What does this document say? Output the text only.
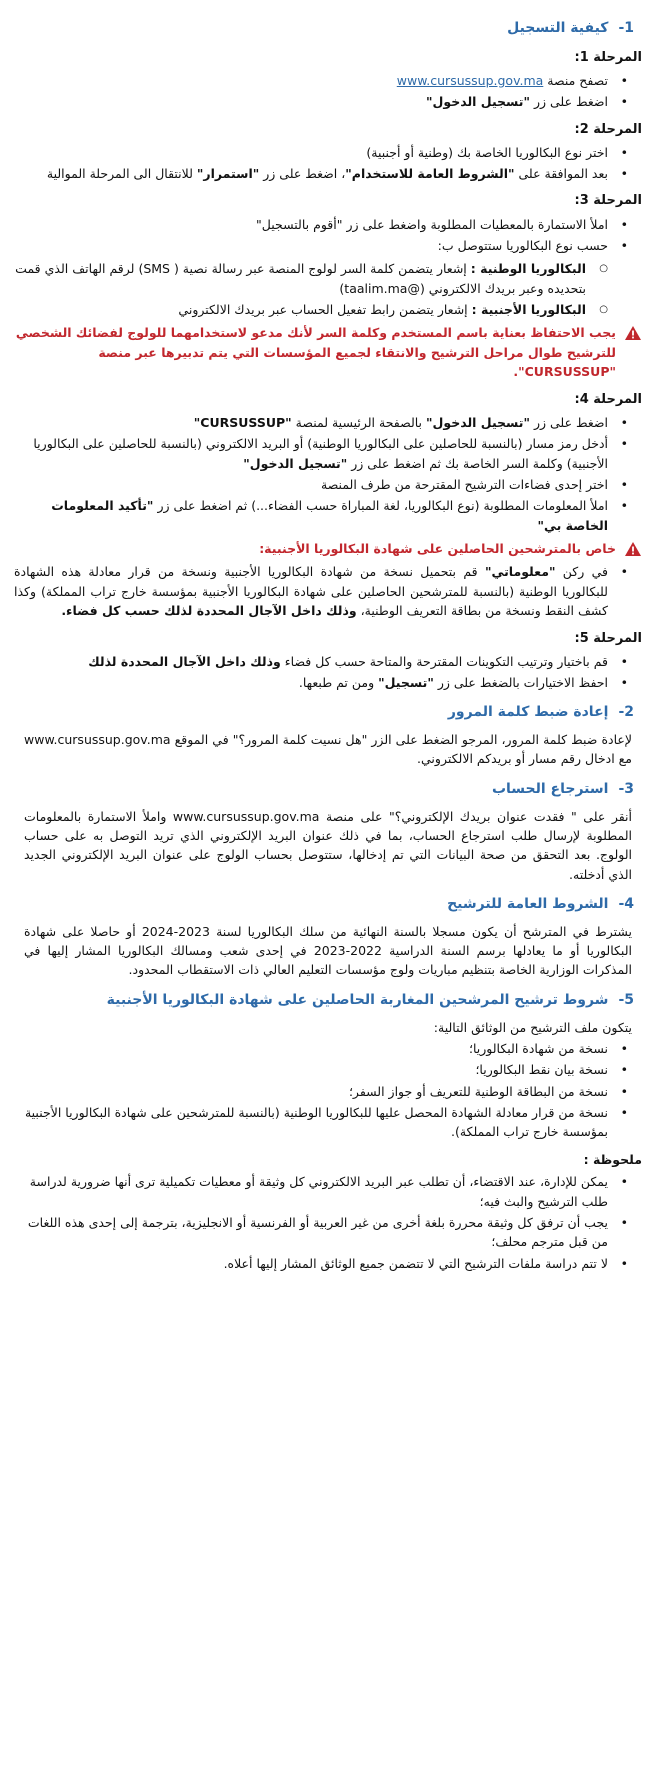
1-كيفية التسجيل
المرحلة 1:
• تصفح منصة www.cursussup.gov.ma
• اضغط على زر "تسجيل الدخول"
المرحلة 2:
• اختر نوع البكالوريا الخاصة بك (وطنية أو أجنبية)
• بعد الموافقة على "الشروط العامة للاستخدام"، اضغط على زر "استمرار" للانتقال الى المرحلة الموالية
المرحلة 3:
• املأ الاستمارة بالمعطيات المطلوبة واضغط على زر "أقوم بالتسجيل"
• حسب نوع البكالوريا ستتوصل ب:
○ البكالوريا الوطنية : إشعار يتضمن كلمة السر لولوج المنصة عبر رسالة نصية ( SMS) لرقم الهاتف الذي قمت بتحديده وعبر بريدك الالكتروني (@taalim.ma)
○ البكالوريا الأجنبية : إشعار يتضمن رابط تفعيل الحساب عبر بريدك الالكتروني
يجب الاحتفاظ بعناية باسم المستخدم وكلمة السر لأنك مدعو لاستخدامهما للولوج لفضائك الشخصي للترشيح طوال مراحل الترشيح والانتقاء لجميع المؤسسات التي يتم تدبيرها عبر منصة "CURSUSSUP".
المرحلة 4:
• اضغط على زر "تسجيل الدخول" بالصفحة الرئيسية لمنصة "CURSUSSUP"
• أدخل رمز مسار (بالنسبة للحاصلين على البكالوريا الوطنية) أو البريد الالكتروني (بالنسبة للحاصلين على البكالوريا الأجنبية) وكلمة السر الخاصة بك ثم اضغط على زر "تسجيل الدخول"
• اختر إحدى فضاءات الترشيح المقترحة من طرف المنصة
• املأ المعلومات المطلوبة (نوع البكالوريا، لغة المباراة حسب الفضاء...) ثم اضغط على زر "تأكيد المعلومات الخاصة بي"
خاص بالمترشحين الحاصلين على شهادة البكالوريا الأجنبية:
• في ركن "معلوماتي" قم بتحميل نسخة من شهادة البكالوريا الأجنبية ونسخة من قرار معادلة هذه الشهادة للبكالوريا الوطنية (بالنسبة للمترشحين الحاصلين على شهادة البكالوريا الأجنبية بمؤسسة خارج تراب المملكة) وكذا كشف النقط ونسخة من بطاقة التعريف الوطنية، وذلك داخل الآجال المحددة لذلك حسب كل فضاء.
المرحلة 5:
• قم باختيار وترتيب التكوينات المقترحة والمتاحة حسب كل فضاء وذلك داخل الآجال المحددة لذلك
• احفظ الاختيارات بالضغط على زر "تسجيل" ومن تم طبعها.
2-إعادة ضبط كلمة المرور
لإعادة ضبط كلمة المرور، المرجو الضغط على الزر "هل نسيت كلمة المرور؟" في الموقع www.cursussup.gov.ma مع ادخال رقم مسار أو بريدكم الالكتروني.
3-استرجاع الحساب
أنقر على " فقدت عنوان بريدك الإلكتروني؟" على منصة www.cursussup.gov.ma واملأ الاستمارة بالمعلومات المطلوبة لإرسال طلب استرجاع الحساب، بما في ذلك عنوان البريد الإلكتروني الذي تريد التوصل به على حساب الولوج. بعد التحقق من صحة البيانات التي تم إدخالها، ستتوصل بحساب الولوج على عنوان البريد الإلكتروني الجديد الذي أدخلته.
4-الشروط العامة للترشيح
يشترط في المترشح أن يكون مسجلا بالسنة النهائية من سلك البكالوريا لسنة 2023-2024 أو حاصلا على شهادة البكالوريا أو ما يعادلها برسم السنة الدراسية 2022-2023 في إحدى شعب ومسالك البكالوريا المشار إليها في المذكرات الوزارية الخاصة بتنظيم مباريات ولوج مؤسسات التعليم العالي ذات الاستقطاب المحدود.
5-شروط ترشيح المرشحين المغاربة الحاصلين على شهادة البكالوريا الأجنبية
يتكون ملف الترشيح من الوثائق التالية:
• نسخة من شهادة البكالوريا؛
• نسخة بيان نقط البكالوريا؛
• نسخة من البطاقة الوطنية للتعريف أو جواز السفر؛
• نسخة من قرار معادلة الشهادة المحصل عليها للبكالوريا الوطنية (بالنسبة للمترشحين على شهادة البكالوريا الأجنبية بمؤسسة خارج تراب المملكة).
ملحوظة :
• يمكن للإدارة، عند الاقتضاء، أن تطلب عبر البريد الالكتروني كل وثيقة أو معطيات تكميلية ترى أنها ضرورية لدراسة طلب الترشيح والبث فيه؛
• يجب أن ترفق كل وثيقة محررة بلغة أخرى من غير العربية أو الفرنسية أو الانجليزية، بترجمة إلى إحدى هذه اللغات من قبل مترجم محلف؛
• لا تتم دراسة ملفات الترشيح التي لا تتضمن جميع الوثائق المشار إليها أعلاه.
